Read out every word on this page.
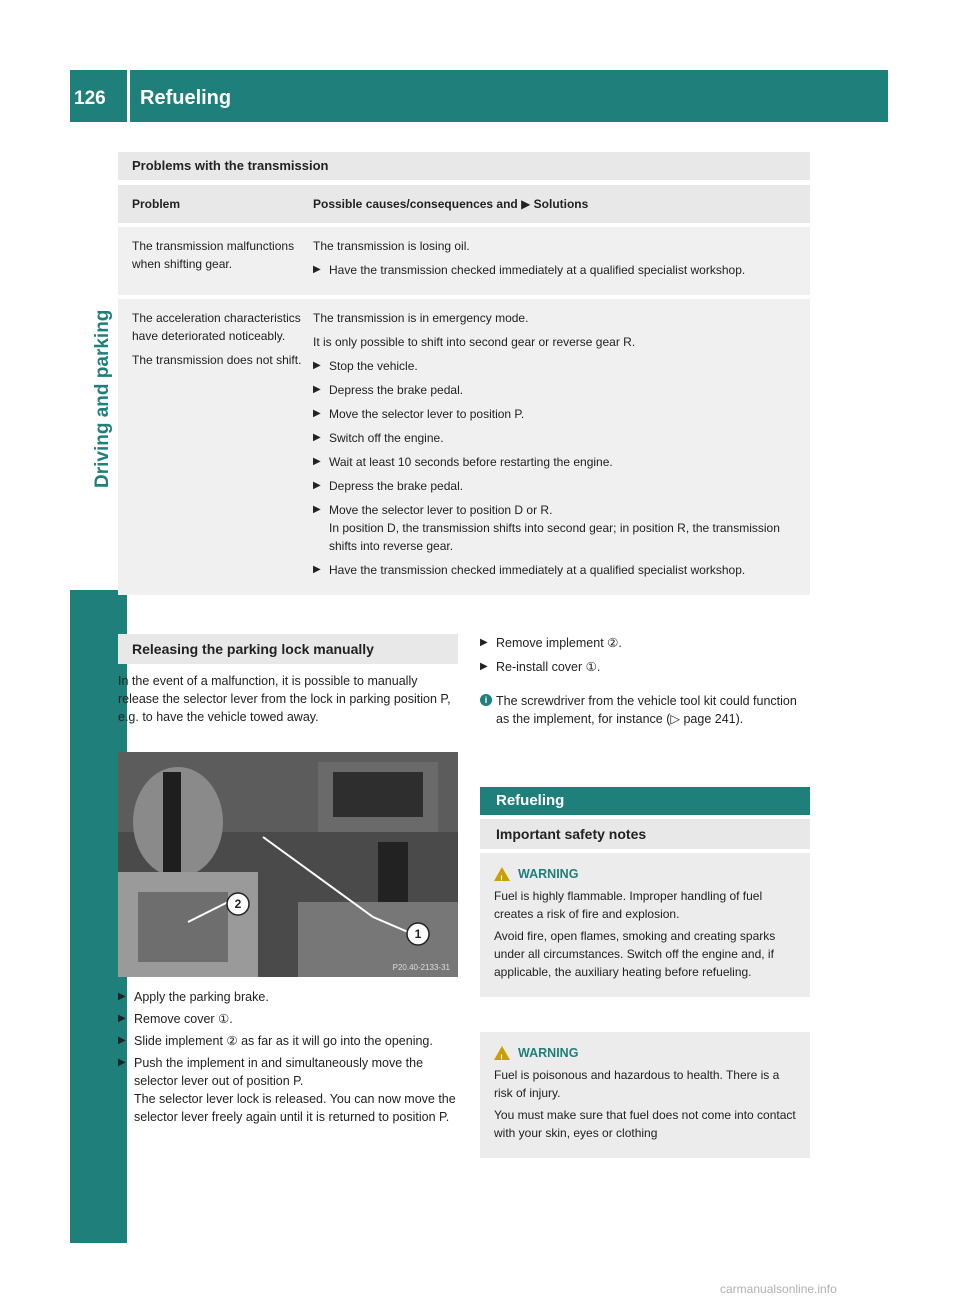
126 Refueling
Driving and parking
Problems with the transmission
Problem	Possible causes/consequences and ▶ Solutions

The transmission malfunctions when shifting gear.

The transmission is losing oil.

▶ Have the transmission checked immediately at a qualified specialist workshop.

The acceleration characteristics have deteriorated noticeably.

The transmission does not shift.

The transmission is in emergency mode.

It is only possible to shift into second gear or reverse gear R.

▶ Stop the vehicle.

▶ Depress the brake pedal.

▶ Move the selector lever to position P.

▶ Switch off the engine.

▶ Wait at least 10 seconds before restarting the engine.

▶ Depress the brake pedal.

▶ Move the selector lever to position D or R.

In position D, the transmission shifts into second gear; in position R, the transmission shifts into reverse gear.

▶ Have the transmission checked immediately at a qualified specialist workshop.

Releasing the parking lock manually

In the event of a malfunction, it is possible to manually release the selector lever from the lock in parking position P, e.g. to have the vehicle towed away.

2
1
P20.40-2133-31

▶ Apply the parking brake.

▶ Remove cover ①.

▶ Slide implement ② as far as it will go into the opening.

▶ Push the implement in and simultaneously move the selector lever out of position P.

The selector lever lock is released. You can now move the selector lever freely again until it is returned to position P.

▶ Remove implement ②.

▶ Re-install cover ①.

i The screwdriver from the vehicle tool kit could function as the implement, for instance (▷ page 241).
Refueling
Important safety notes
! WARNING

Fuel is highly flammable. Improper handling of fuel creates a risk of fire and explosion.

Avoid fire, open flames, smoking and creating sparks under all circumstances. Switch off the engine and, if applicable, the auxiliary heating before refueling.

! WARNING

Fuel is poisonous and hazardous to health. There is a risk of injury.

You must make sure that fuel does not come into contact with your skin, eyes or clothing

carmanualsonline.info
